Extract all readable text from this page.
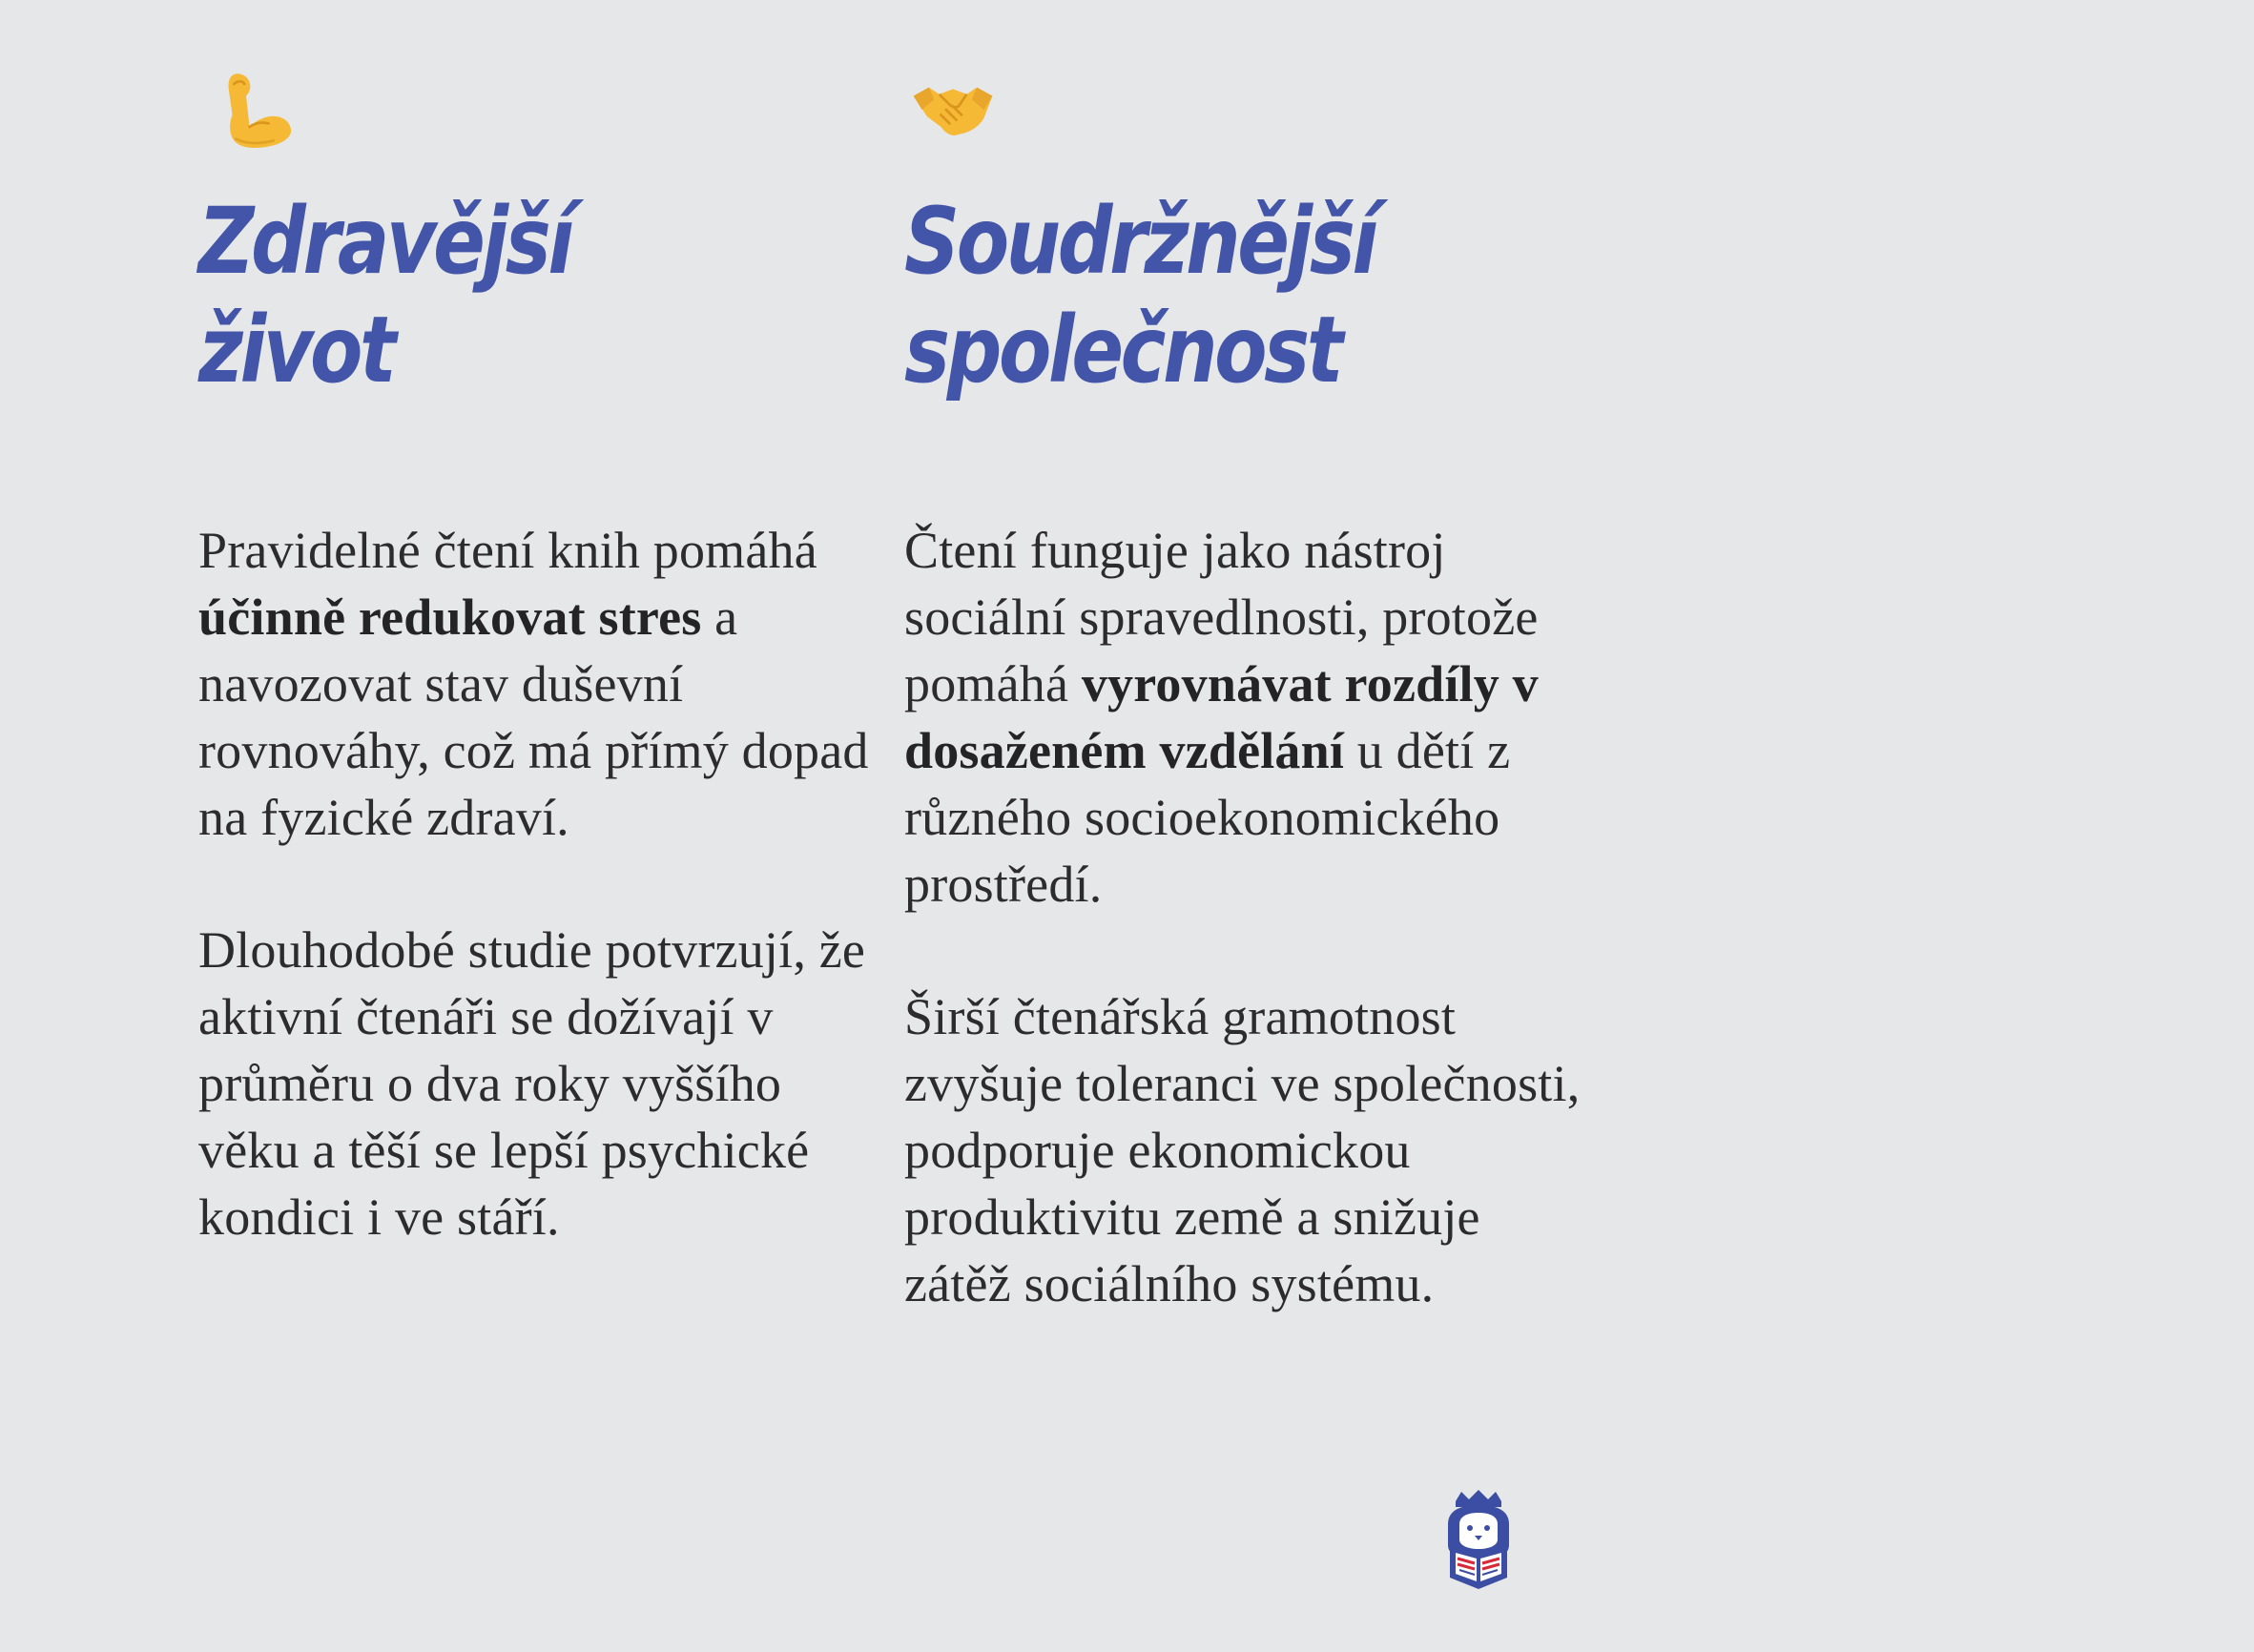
Zdravější
život

Pravidelné čtení knih pomáhá účinně redukovat stres a navozovat stav duševní rovnováhy, což má přímý dopad na fyzické zdraví.

Dlouhodobé studie potvrzují, že aktivní čtenáři se dožívají v průměru o dva roky vyššího věku a těší se lepší psychické kondici i ve stáří.

Soudržnější
společnost

Čtení funguje jako nástroj sociální spravedlnosti, protože pomáhá vyrovnávat rozdíly v dosaženém vzdělání u dětí z různého socioekonomického prostředí.

Širší čtenářská gramotnost zvyšuje toleranci ve společnosti, podporuje ekonomickou produktivitu země a snižuje zátěž sociálního systému.
